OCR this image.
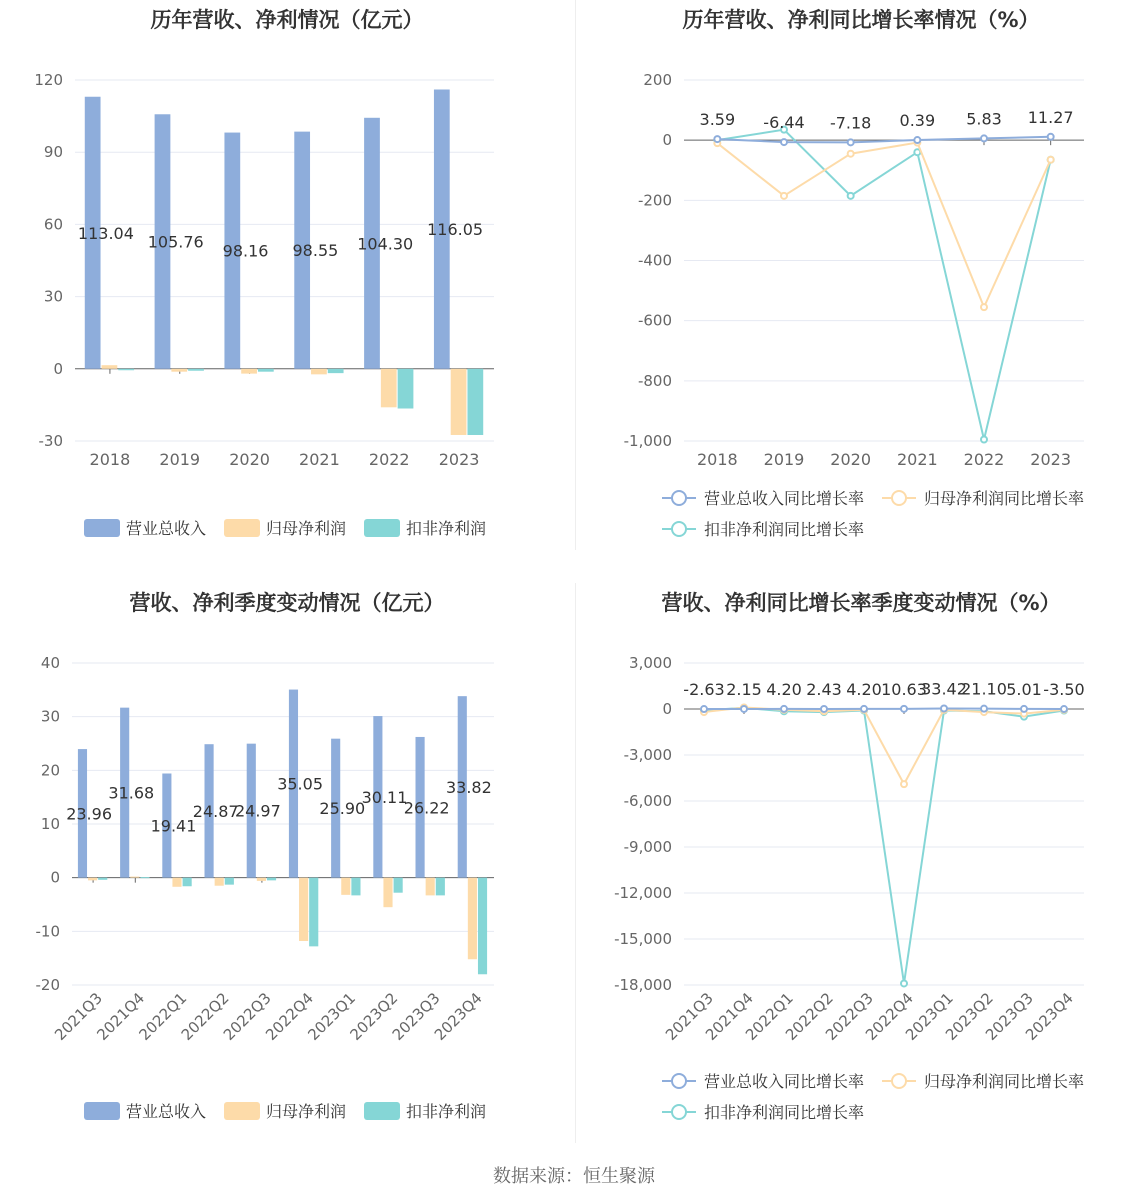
历年营收、净利情况（亿元）
-30
0
30
60
90
120
2018 2019 2020 2021 2022 2023
113.04 105.76 98.16 98.55 104.30
116.05
营业总收入	归母净利润	扣非净利润
历年营收、净利同比增长率情况（%）
-1,000
-800
-600
-400
-200
0
200
2018 2019 2020 2021 2022 2023
3.59 -6.44 -7.18 0.39 5.83 11.27
营业总收入同比增长率	归母净利润同比增长率
扣非净利润同比增长率
营收、净利季度变动情况（亿元）
-20
-10
0
10
20
30
40
2021Q3
2021Q4
2022Q1
2022Q2
2022Q3
2022Q4
2023Q1
2023Q2
2023Q3
2023Q4
23.96
31.68
19.41
24.87
24.97
35.05
25.90
30.11
26.22
33.82
营业总收入	归母净利润	扣非净利润
营收、净利同比增长率季度变动情况（%）
-18,000
-15,000
-12,000
-9,000
-6,000
-3,000
0
3,000
2021Q3
2021Q4
2022Q1
2022Q2
2022Q3
2022Q4
2023Q1
2023Q2
2023Q3
2023Q4
-2.63 2.15 4.20 2.43 4.20 10.63
33.42
21.10 5.01 -3.50
营业总收入同比增长率	归母净利润同比增长率
扣非净利润同比增长率
数据来源：恒生聚源
